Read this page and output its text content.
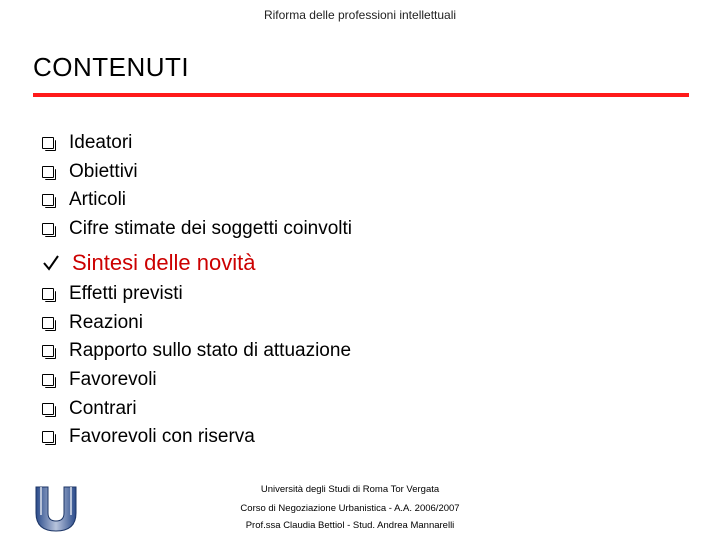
Riforma delle professioni intellettuali
CONTENUTI
Ideatori
Obiettivi
Articoli
Cifre stimate dei soggetti coinvolti
Sintesi delle novità
Effetti previsti
Reazioni
Rapporto sullo stato di attuazione
Favorevoli
Contrari
Favorevoli con riserva
Università degli Studi di Roma Tor Vergata
Corso di Negoziazione Urbanistica - A.A. 2006/2007
Prof.ssa Claudia Bettiol - Stud. Andrea Mannarelli
